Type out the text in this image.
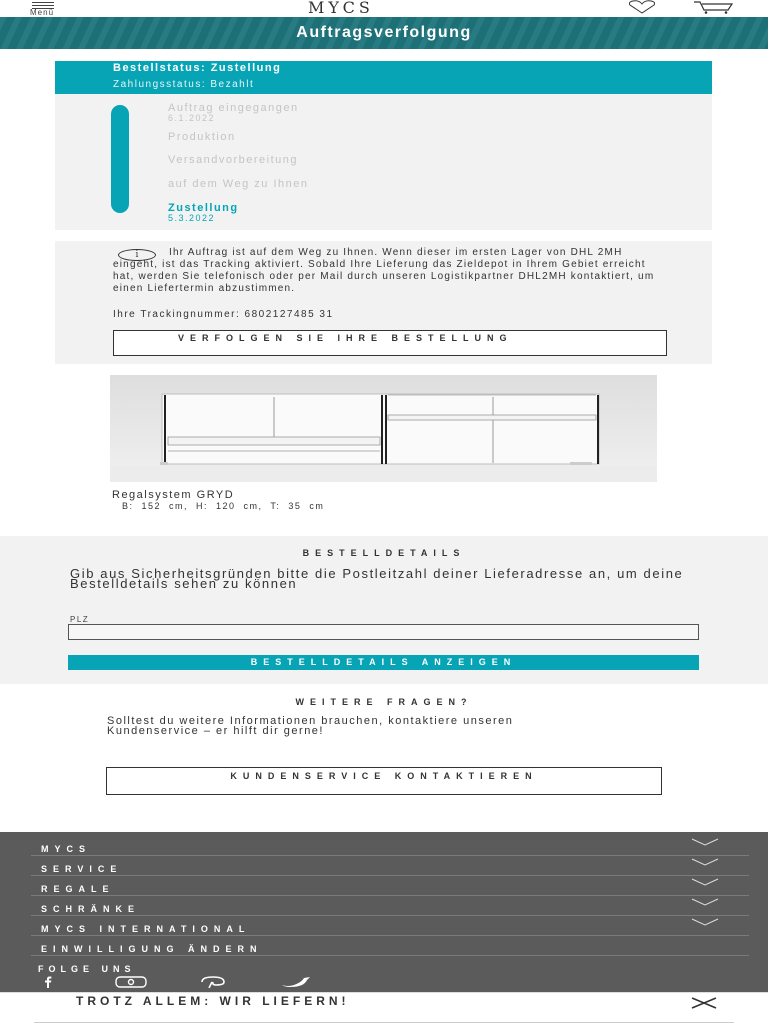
Menü	MYCS
Auftragsverfolgung
Bestellstatus: Zustellung
Zahlungsstatus: Bezahlt
Auftrag eingegangen
6.1.2022
Produktion
Versandvorbereitung
auf dem Weg zu Ihnen
Zustellung
5.3.2022
i	Ihr Auftrag ist auf dem Weg zu Ihnen. Wenn dieser im ersten Lager von DHL 2MH eingeht, ist das Tracking aktiviert. Sobald Ihre Lieferung das Zieldepot in Ihrem Gebiet erreicht hat, werden Sie telefonisch oder per Mail durch unseren Logistikpartner DHL2MH kontaktiert, um einen Liefertermin abzustimmen.
Ihre Trackingnummer: 6802127485 31
VERFOLGEN SIE IHRE BESTELLUNG
Regalsystem GRYD
B: 152 cm, H: 120 cm, T: 35 cm
BESTELLDETAILS
Gib aus Sicherheitsgründen bitte die Postleitzahl deiner Lieferadresse an, um deine Bestelldetails sehen zu können
PLZ
BESTELLDETAILS ANZEIGEN
WEITERE FRAGEN?
Solltest du weitere Informationen brauchen, kontaktiere unseren Kundenservice – er hilft dir gerne!
KUNDENSERVICE KONTAKTIEREN
MYCS
SERVICE
REGALE
SCHRÄNKE
MYCS INTERNATIONAL
EINWILLIGUNG ÄNDERN
FOLGE UNS
TROTZ ALLEM: WIR LIEFERN!
